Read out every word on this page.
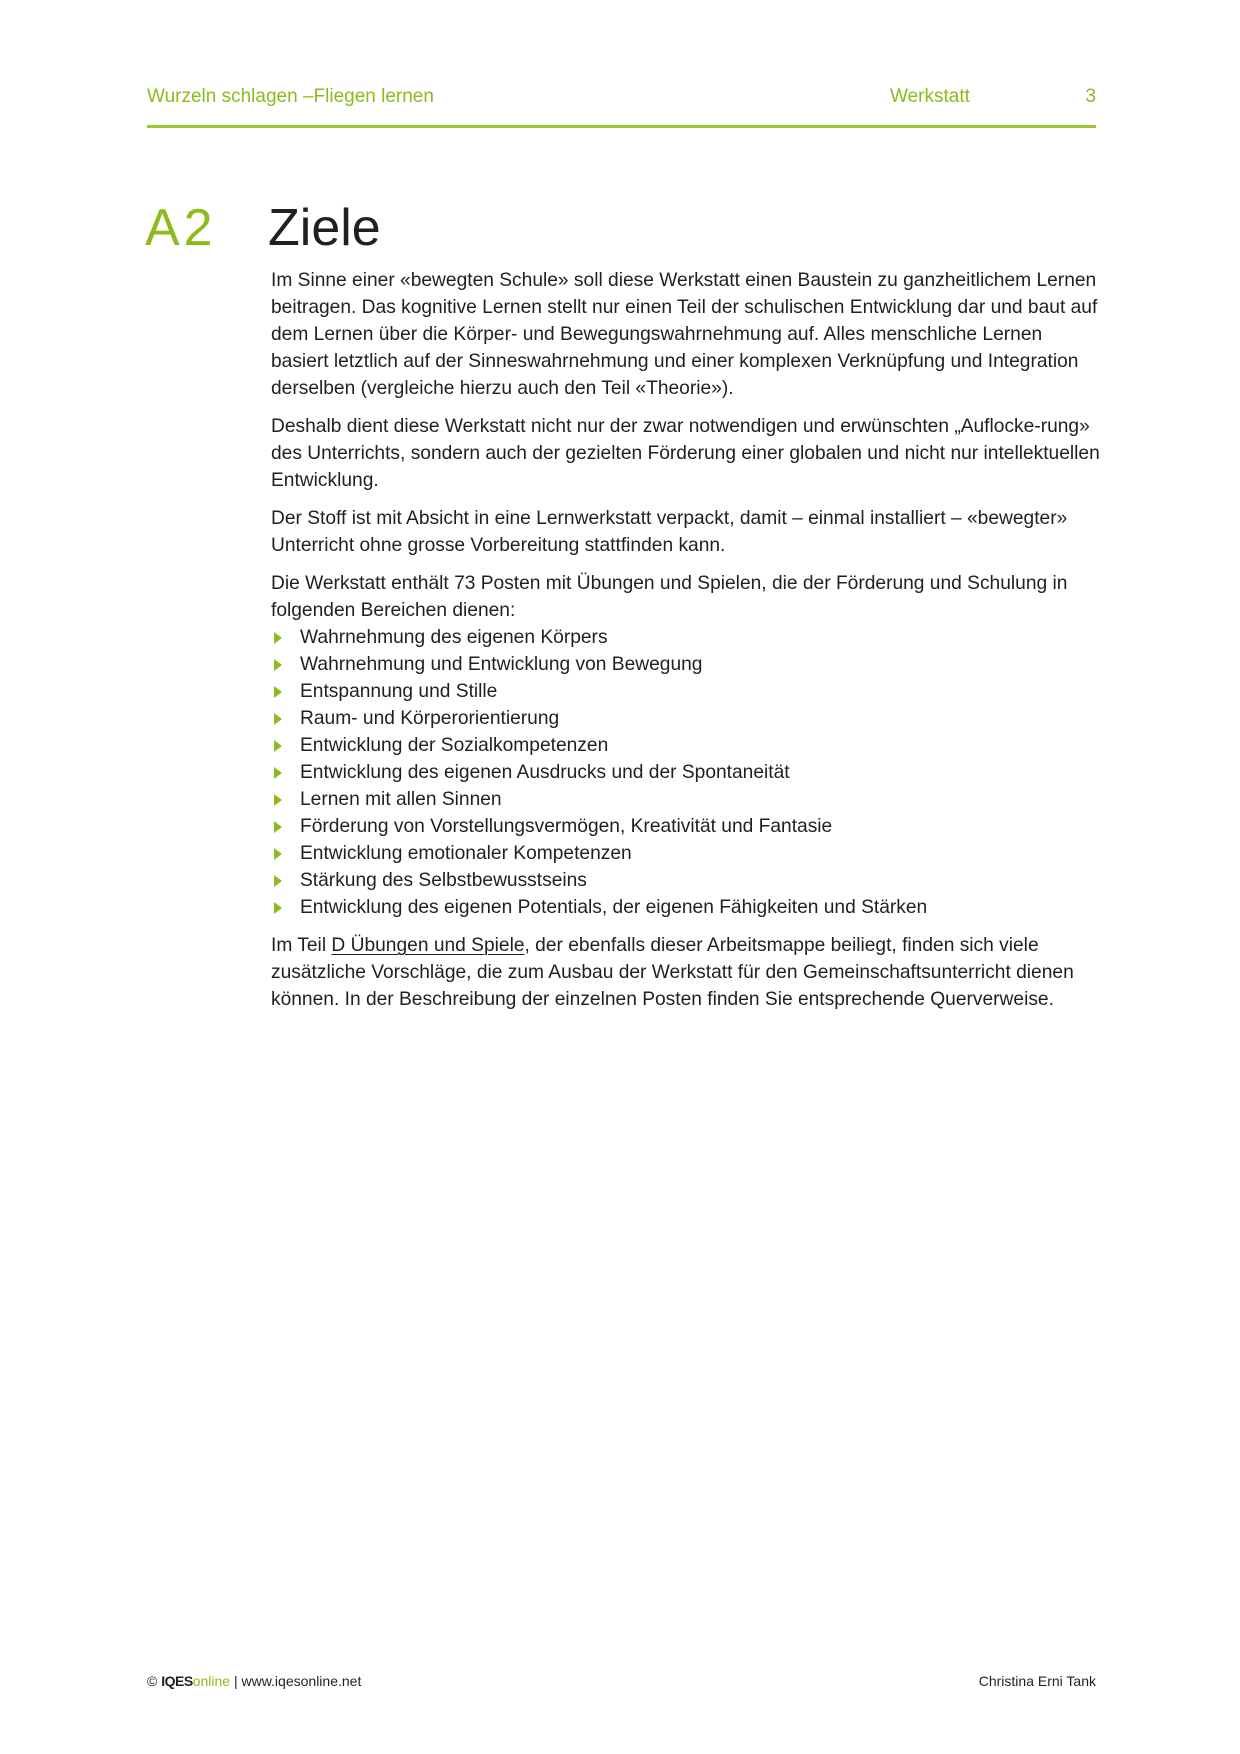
Wurzeln schlagen –Fliegen lernen	Werkstatt	3
A2 Ziele

Im Sinne einer «bewegten Schule» soll diese Werkstatt einen Baustein zu ganzheitlichem Lernen beitragen. Das kognitive Lernen stellt nur einen Teil der schulischen Entwicklung dar und baut auf dem Lernen über die Körper- und Bewegungswahrnehmung auf. Alles menschliche Lernen basiert letztlich auf der Sinneswahrnehmung und einer komplexen Verknüpfung und Integration derselben (vergleiche hierzu auch den Teil «Theorie»).

Deshalb dient diese Werkstatt nicht nur der zwar notwendigen und erwünschten „Auflocke-rung» des Unterrichts, sondern auch der gezielten Förderung einer globalen und nicht nur intellektuellen Entwicklung.

Der Stoff ist mit Absicht in eine Lernwerkstatt verpackt, damit – einmal installiert – «bewegter» Unterricht ohne grosse Vorbereitung stattfinden kann.

Die Werkstatt enthält 73 Posten mit Übungen und Spielen, die der Förderung und Schulung in folgenden Bereichen dienen:

Wahrnehmung des eigenen Körpers
Wahrnehmung und Entwicklung von Bewegung
Entspannung und Stille
Raum- und Körperorientierung
Entwicklung der Sozialkompetenzen
Entwicklung des eigenen Ausdrucks und der Spontaneität
Lernen mit allen Sinnen
Förderung von Vorstellungsvermögen, Kreativität und Fantasie
Entwicklung emotionaler Kompetenzen
Stärkung des Selbstbewusstseins
Entwicklung des eigenen Potentials, der eigenen Fähigkeiten und Stärken

Im Teil D Übungen und Spiele, der ebenfalls dieser Arbeitsmappe beiliegt, finden sich viele zusätzliche Vorschläge, die zum Ausbau der Werkstatt für den Gemeinschaftsunterricht dienen können. In der Beschreibung der einzelnen Posten finden Sie entsprechende Querverweise.

© IQESonline | www.iqesonline.net	Christina Erni Tank
